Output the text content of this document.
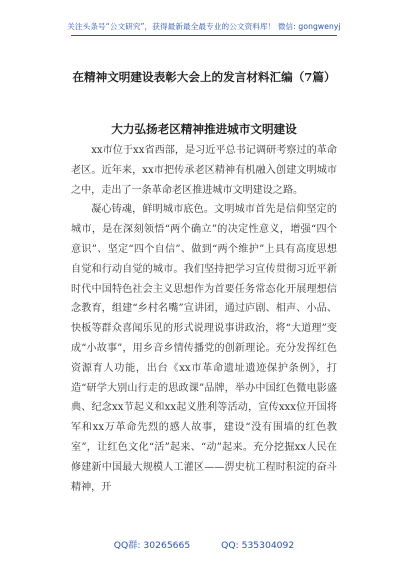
关注头条号“公文研究”，获得最新最全最专业的公文资料库！ 微信: gongwenyj
在精神文明建设表彰大会上的发言材料汇编（7篇）
大力弘扬老区精神推进城市文明建设

xx市位于xx省西部，是习近平总书记调研考察过的革命老区。近年来，xx市把传承老区精神有机融入创建文明城市之中，走出了一条革命老区推进城市文明建设之路。

凝心铸魂，鲜明城市底色。文明城市首先是信仰坚定的城市，是在深刻领悟“两个确立”的决定性意义，增强“四个意识”、坚定“四个自信”、做到“两个维护”上具有高度思想自觉和行动自觉的城市。我们坚持把学习宣传贯彻习近平新时代中国特色社会主义思想作为首要任务常态化开展理想信念教育，组建“乡村名嘴”宣讲团，通过庐剧、相声、小品、快板等群众喜闻乐见的形式说理说事讲政治，将“大道理”变成“小故事”，用乡音乡情传播党的创新理论。充分发挥红色资源育人功能，出台《xx市革命遗址遗迹保护条例》，打造“研学大别山行走的思政课”品牌，举办中国红色微电影盛典、纪念xx节起义和xx起义胜利等活动，宣传xxx位开国将军和xx万革命先烈的感人故事，建设“没有围墙的红色教室”，让红色文化“活”起来、“动”起来。充分挖掘xx人民在修建新中国最大规模人工灌区——淠史杭工程时积淀的奋斗精神，开

QQ群: 30265665	QQ: 535304092
